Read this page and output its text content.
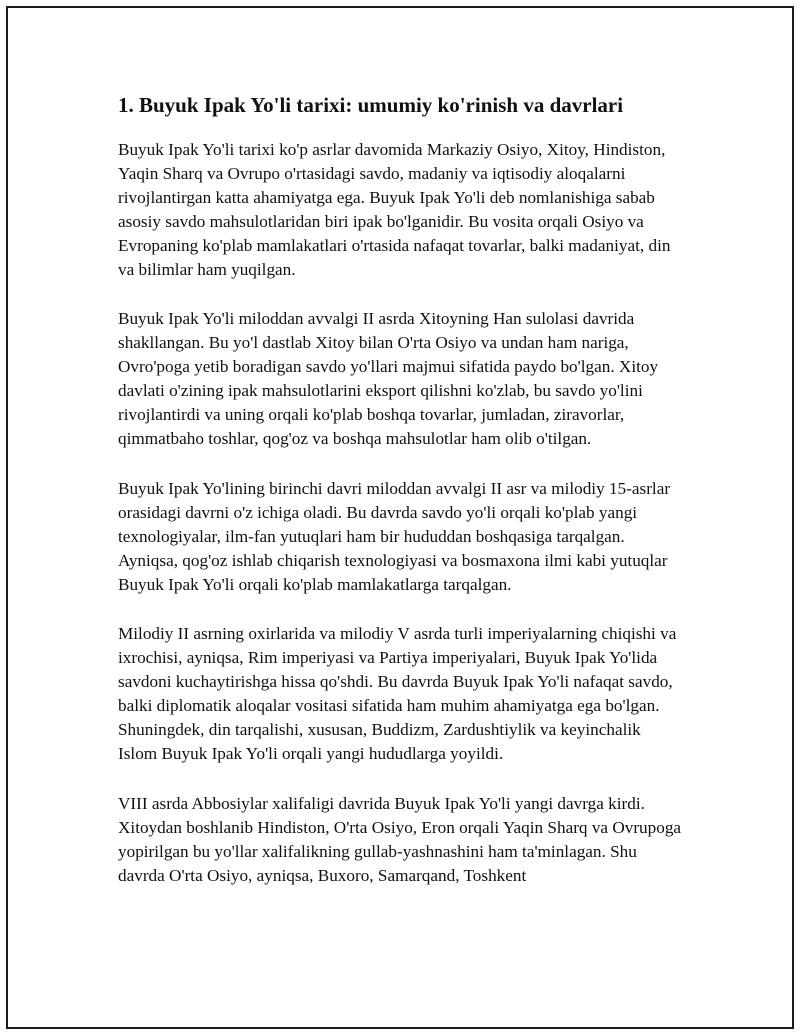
1. Buyuk Ipak Yo'li tarixi: umumiy ko'rinish va davrlari

Buyuk Ipak Yo'li tarixi ko'p asrlar davomida Markaziy Osiyo, Xitoy, Hindiston, Yaqin Sharq va Ovrupo o'rtasidagi savdo, madaniy va iqtisodiy aloqalarni rivojlantirgan katta ahamiyatga ega. Buyuk Ipak Yo'li deb nomlanishiga sabab asosiy savdo mahsulotlaridan biri ipak bo'lganidir. Bu vosita orqali Osiyo va Evropaning ko'plab mamlakatlari o'rtasida nafaqat tovarlar, balki madaniyat, din va bilimlar ham yuqilgan.

Buyuk Ipak Yo'li miloddan avvalgi II asrda Xitoyning Han sulolasi davrida shakllangan. Bu yo'l dastlab Xitoy bilan O'rta Osiyo va undan ham nariga, Ovro'poga yetib boradigan savdo yo'llari majmui sifatida paydo bo'lgan. Xitoy davlati o'zining ipak mahsulotlarini eksport qilishni ko'zlab, bu savdo yo'lini rivojlantirdi va uning orqali ko'plab boshqa tovarlar, jumladan, ziravorlar, qimmatbaho toshlar, qog'oz va boshqa mahsulotlar ham olib o'tilgan.

Buyuk Ipak Yo'lining birinchi davri miloddan avvalgi II asr va milodiy 15-asrlar orasidagi davrni o'z ichiga oladi. Bu davrda savdo yo'li orqali ko'plab yangi texnologiyalar, ilm-fan yutuqlari ham bir hududdan boshqasiga tarqalgan. Ayniqsa, qog'oz ishlab chiqarish texnologiyasi va bosmaxona ilmi kabi yutuqlar Buyuk Ipak Yo'li orqali ko'plab mamlakatlarga tarqalgan.

Milodiy II asrning oxirlarida va milodiy V asrda turli imperiyalarning chiqishi va ixrochisi, ayniqsa, Rim imperiyasi va Partiya imperiyalari, Buyuk Ipak Yo'lida savdoni kuchaytirishga hissa qo'shdi. Bu davrda Buyuk Ipak Yo'li nafaqat savdo, balki diplomatik aloqalar vositasi sifatida ham muhim ahamiyatga ega bo'lgan. Shuningdek, din tarqalishi, xususan, Buddizm, Zardushtiylik va keyinchalik Islom Buyuk Ipak Yo'li orqali yangi hududlarga yoyildi.

VIII asrda Abbosiylar xalifaligi davrida Buyuk Ipak Yo'li yangi davrga kirdi. Xitoydan boshlanib Hindiston, O'rta Osiyo, Eron orqali Yaqin Sharq va Ovrupoga yopirilgan bu yo'llar xalifalikning gullab-yashnashini ham ta'minlagan. Shu davrda O'rta Osiyo, ayniqsa, Buxoro, Samarqand, Toshkent
